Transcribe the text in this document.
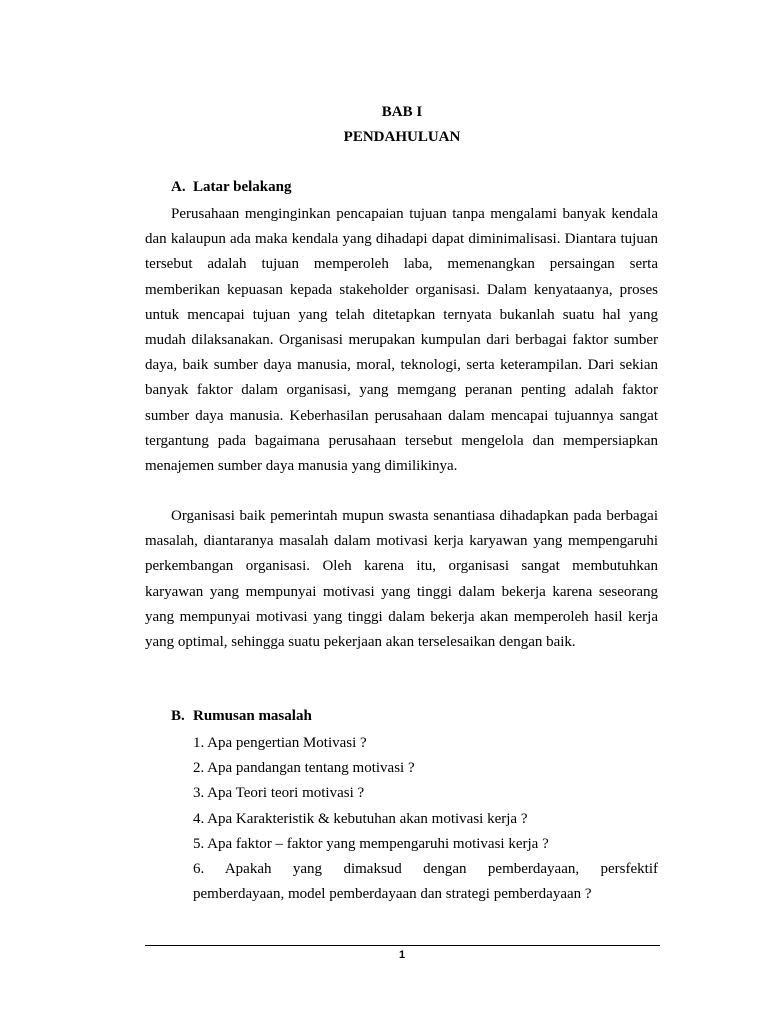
BAB I
PENDAHULUAN
A. Latar belakang

Perusahaan menginginkan pencapaian tujuan tanpa mengalami banyak kendala dan kalaupun ada maka kendala yang dihadapi dapat diminimalisasi. Diantara tujuan tersebut adalah tujuan memperoleh laba, memenangkan persaingan serta memberikan kepuasan kepada stakeholder organisasi. Dalam kenyataanya, proses untuk mencapai tujuan yang telah ditetapkan ternyata bukanlah suatu hal yang mudah dilaksanakan. Organisasi merupakan kumpulan dari berbagai faktor sumber daya, baik sumber daya manusia, moral, teknologi, serta keterampilan. Dari sekian banyak faktor dalam organisasi, yang memgang peranan penting adalah faktor sumber daya manusia. Keberhasilan perusahaan dalam mencapai tujuannya sangat tergantung pada bagaimana perusahaan tersebut mengelola dan mempersiapkan menajemen sumber daya manusia yang dimilikinya.

Organisasi baik pemerintah mupun swasta senantiasa dihadapkan pada berbagai masalah, diantaranya masalah dalam motivasi kerja karyawan yang mempengaruhi perkembangan organisasi. Oleh karena itu, organisasi sangat membutuhkan karyawan yang mempunyai motivasi yang tinggi dalam bekerja karena seseorang yang mempunyai motivasi yang tinggi dalam bekerja akan memperoleh hasil kerja yang optimal, sehingga suatu pekerjaan akan terselesaikan dengan baik.

B. Rumusan masalah
1. Apa pengertian Motivasi ?
2. Apa pandangan tentang motivasi ?
3. Apa Teori teori motivasi ?
4. Apa Karakteristik & kebutuhan akan motivasi kerja ?
5. Apa faktor – faktor yang mempengaruhi motivasi kerja ?
6. Apakah yang dimaksud dengan pemberdayaan, persfektif
pemberdayaan, model pemberdayaan dan strategi pemberdayaan ?
1
